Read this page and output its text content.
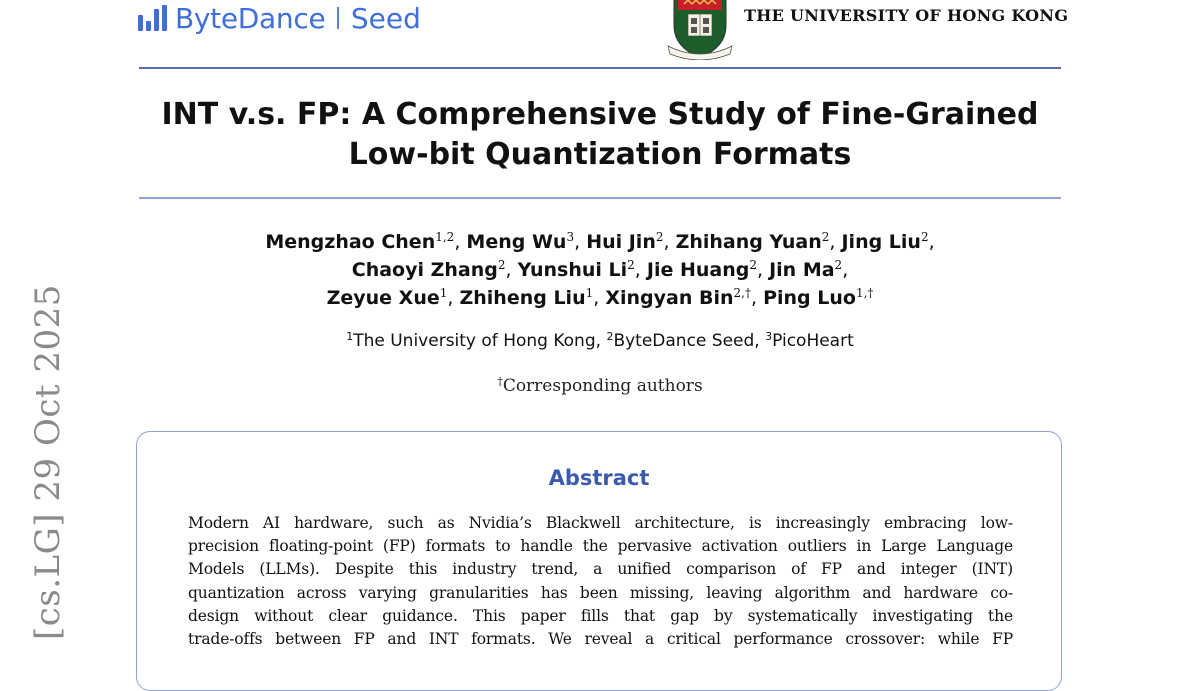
ByteDance Seed	THE UNIVERSITY OF HONG KONG
INT v.s. FP: A Comprehensive Study of Fine-Grained
Low-bit Quantization Formats
Mengzhao Chen$^{1,2}$, Meng Wu$^3$, Hui Jin$^2$, Zhihang Yuan$^2$, Jing Liu$^2$,
Chaoyi Zhang$^2$, Yunshui Li$^2$, Jie Huang$^2$, Jin Ma$^2$,
Zeyue Xue$^1$, Zhiheng Liu$^1$, Xingyan Bin$^{2,\dagger}$, Ping Luo$^{1,\dagger}$
$^1$The University of Hong Kong, $^2$ByteDance Seed, $^3$PicoHeart
†Corresponding authors
Abstract
Modern AI hardware, such as Nvidia’s Blackwell architecture, is increasingly embracing low-
precision floating-point (FP) formats to handle the pervasive activation outliers in Large Language
Models (LLMs). Despite this industry trend, a unified comparison of FP and integer (INT)
quantization across varying granularities has been missing, leaving algorithm and hardware co-
design without clear guidance. This paper fills that gap by systematically investigating the
trade-offs between FP and INT formats. We reveal a critical performance crossover: while FP
[cs.LG] 29 Oct 2025
